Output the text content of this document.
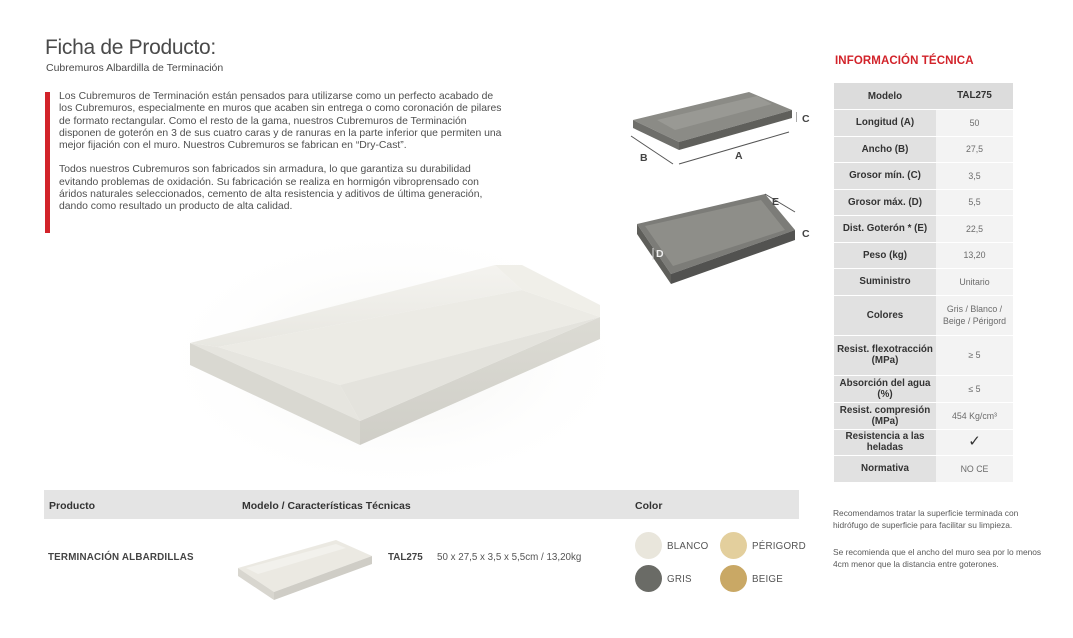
Ficha de Producto:
Cubremuros Albardilla de Terminación

Los Cubremuros de Terminación están pensados para utilizarse como un perfecto acabado de los Cubremuros, especialmente en muros que acaben sin entrega o como coronación de pilares de formato rectangular. Como el resto de la gama, nuestros Cubremuros de Terminación disponen de goterón en 3 de sus cuatro caras y de ranuras en la parte inferior que permiten una mejor fijación con el muro. Nuestros Cubremuros se fabrican en “Dry-Cast”.

Todos nuestros Cubremuros son fabricados sin armadura, lo que garantiza su durabilidad evitando problemas de oxidación. Su fabricación se realiza en hormigón vibroprensado con áridos naturales seleccionados, cemento de alta resistencia y aditivos de última generación, dando como resultado un producto de alta calidad.

B	A
C
E
C
D
INFORMACIÓN TÉCNICA
Modelo	TAL275
Longitud (A)	50
Ancho (B)	27,5
Grosor mín. (C)	3,5
Grosor máx. (D)	5,5
Dist. Goterón * (E)	22,5
Peso (kg)	13,20
Suministro	Unitario
Colores	Gris / Blanco / Beige / Périgord
Resist. flexotracción (MPa)	≥ 5
Absorción del agua (%)	≤ 5
Resist. compresión (MPa)	454 Kg/cm³
Resistencia a las heladas	✓
Normativa	NO CE
Recomendamos tratar la superficie terminada con hidrófugo de superficie para facilitar su limpieza.
Se recomienda que el ancho del muro sea por lo menos 4cm menor que la distancia entre goterones.
Producto	Modelo / Características Técnicas	Color
TERMINACIÓN ALBARDILLAS	TAL275 50 x 27,5 x 3,5 x 5,5cm / 13,20kg
BLANCO	PÉRIGORD
GRIS	BEIGE
